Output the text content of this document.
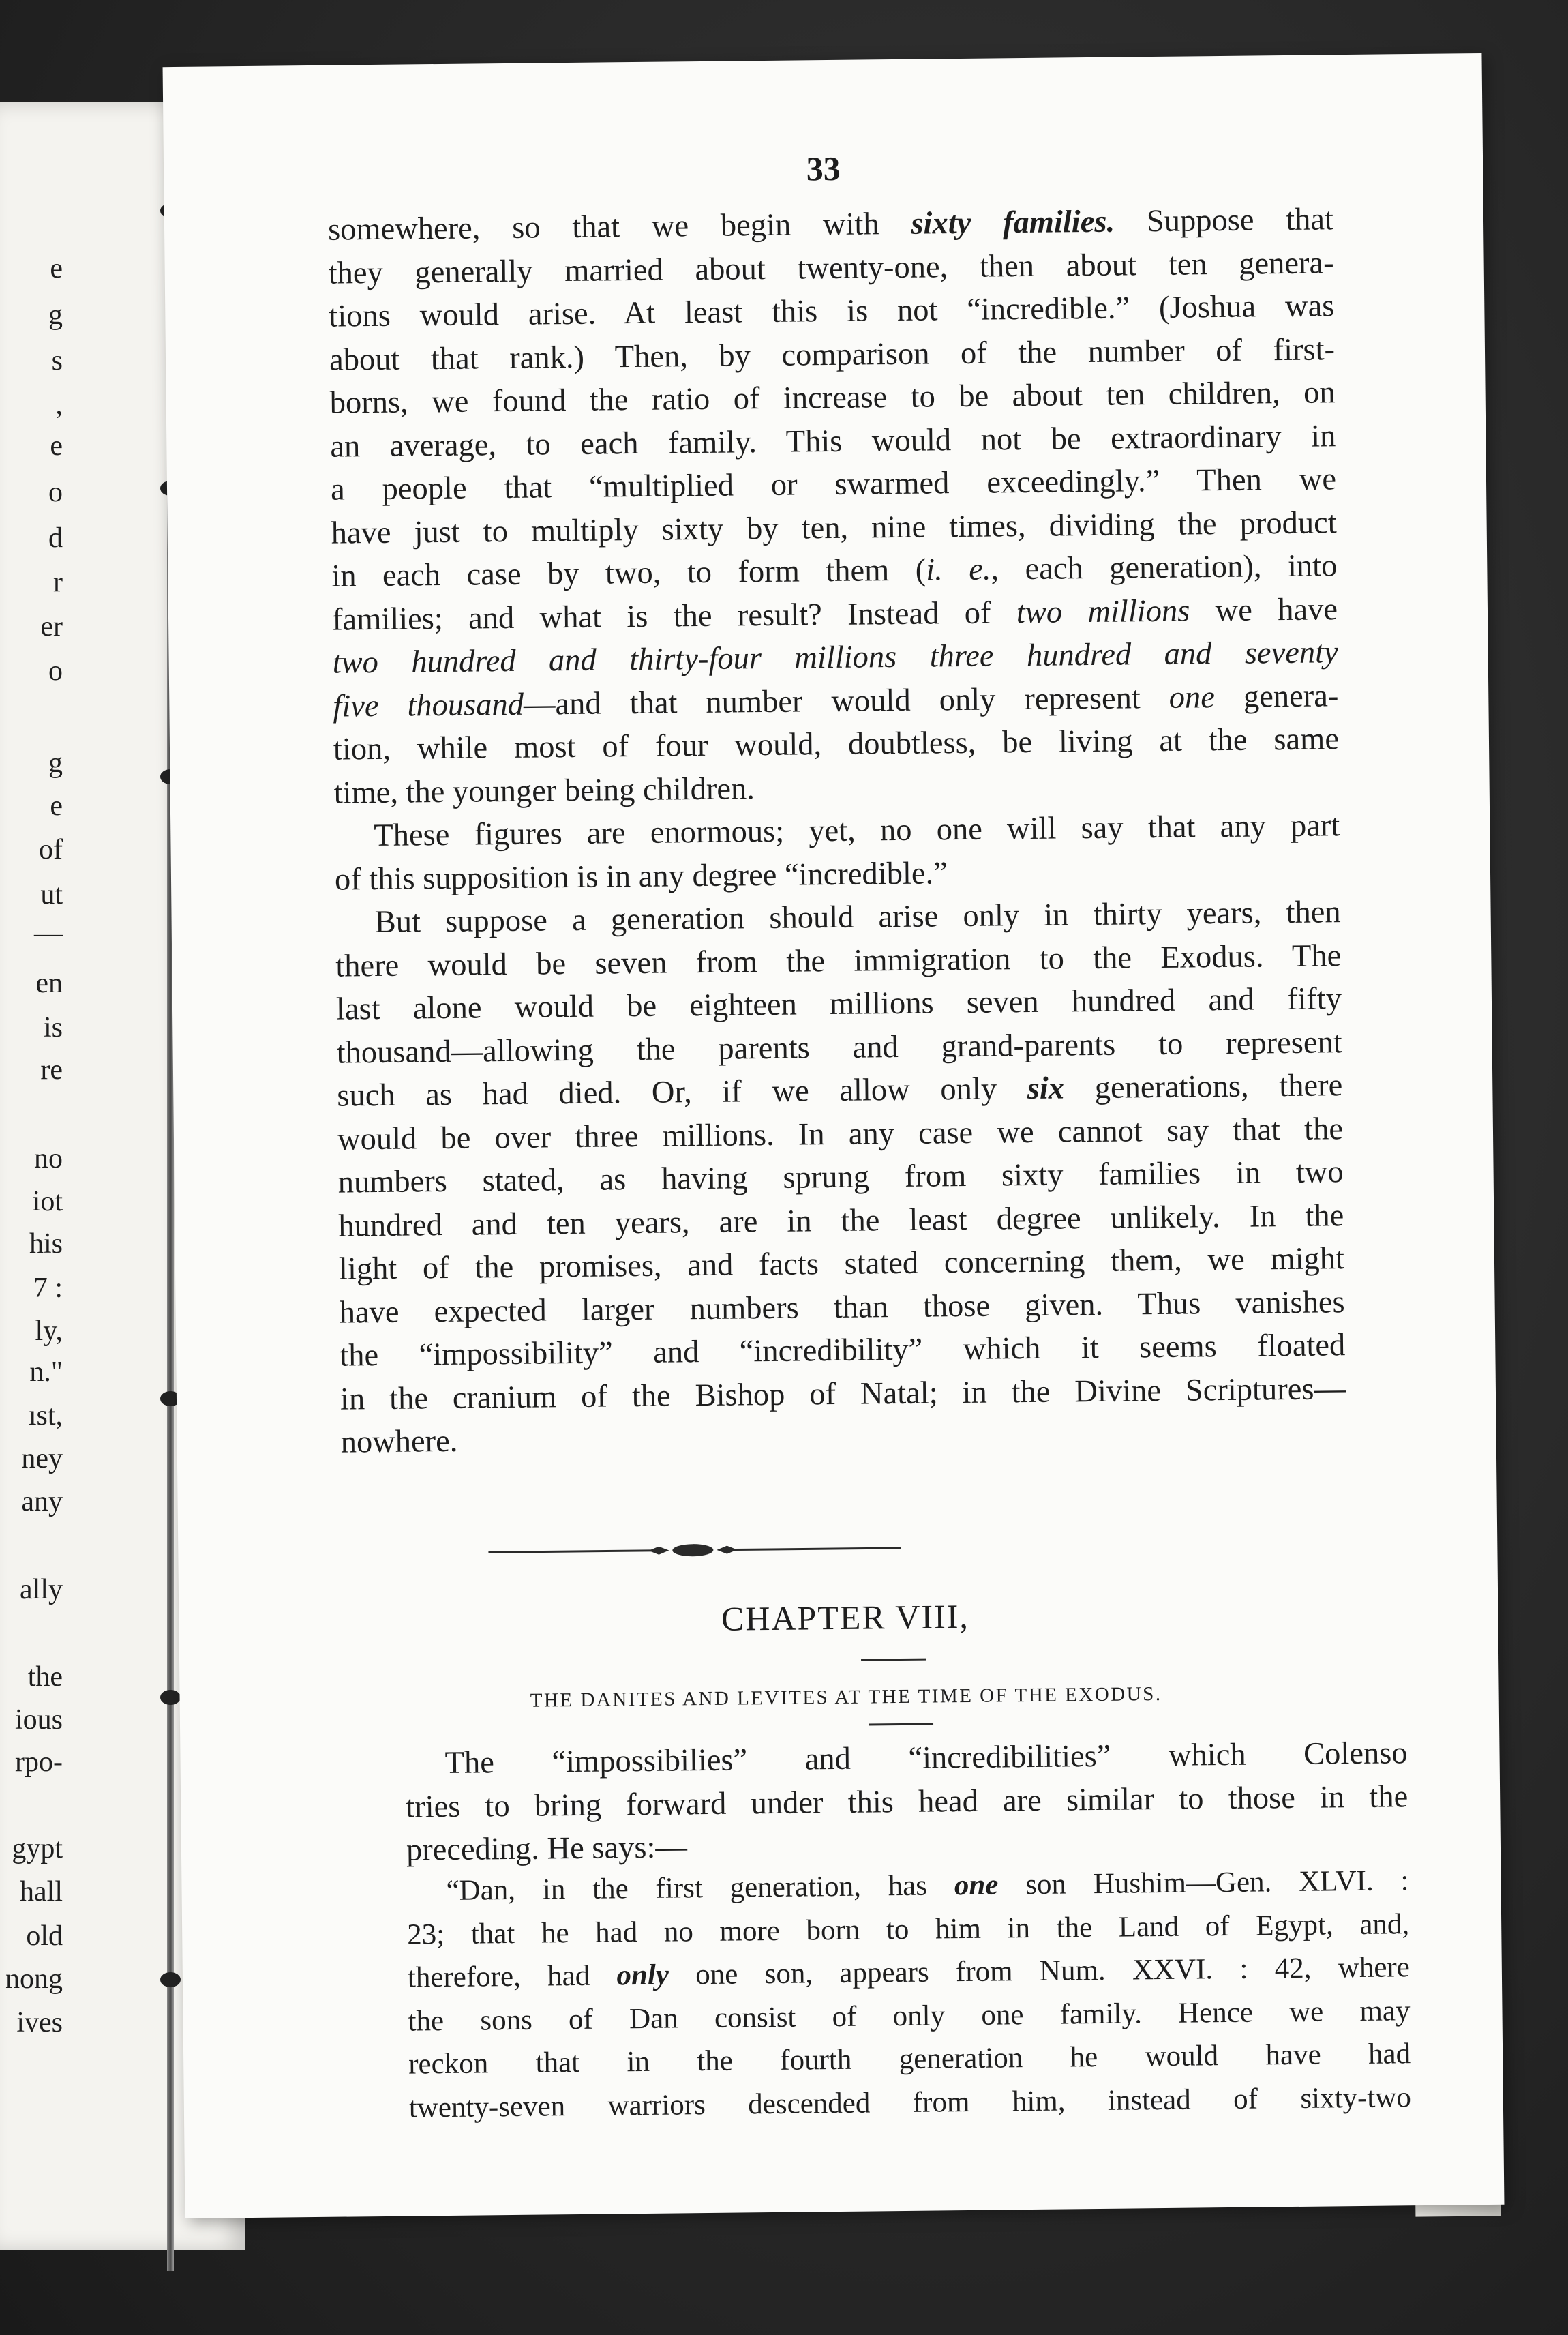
e
g
s
,
e
o
d
r
er
o
g
e
of
ut
—
en
is
re
no
iot
his
7 :
ly,
n."
ıst,
ney
any
ally
the
ious
rpo-
gypt
hall
old
nong
ives
33
somewhere, so that we begin with sixty families. Suppose that
they generally married about twenty-one, then about ten genera-
tions would arise. At least this is not “incredible.” (Joshua was
about that rank.) Then, by comparison of the number of first-
borns, we found the ratio of increase to be about ten children, on
an average, to each family. This would not be extraordinary in
a people that “multiplied or swarmed exceedingly.” Then we
have just to multiply sixty by ten, nine times, dividing the product
in each case by two, to form them (i. e., each generation), into
families; and what is the result? Instead of two millions we have
two hundred and thirty-four millions three hundred and seventy
five thousand—and that number would only represent one genera-
tion, while most of four would, doubtless, be living at the same
time, the younger being children.
These figures are enormous; yet, no one will say that any part
of this supposition is in any degree “incredible.”
But suppose a generation should arise only in thirty years, then
there would be seven from the immigration to the Exodus. The
last alone would be eighteen millions seven hundred and fifty
thousand—allowing the parents and grand-parents to represent
such as had died. Or, if we allow only six generations, there
would be over three millions. In any case we cannot say that the
numbers stated, as having sprung from sixty families in two
hundred and ten years, are in the least degree unlikely. In the
light of the promises, and facts stated concerning them, we might
have expected larger numbers than those given. Thus vanishes
the “impossibility” and “incredibility” which it seems floated
in the cranium of the Bishop of Natal; in the Divine Scriptures—
nowhere.
CHAPTER VIII,
THE DANITES AND LEVITES AT THE TIME OF THE EXODUS.
The “impossibilies” and “incredibilities” which Colenso
tries to bring forward under this head are similar to those in the
preceding. He says:—
“Dan, in the first generation, has one son Hushim—Gen. XLVI. :
23; that he had no more born to him in the Land of Egypt, and,
therefore, had only one son, appears from Num. XXVI. : 42, where
the sons of Dan consist of only one family. Hence we may
reckon that in the fourth generation he would have had
twenty-seven warriors descended from him, instead of sixty-two
